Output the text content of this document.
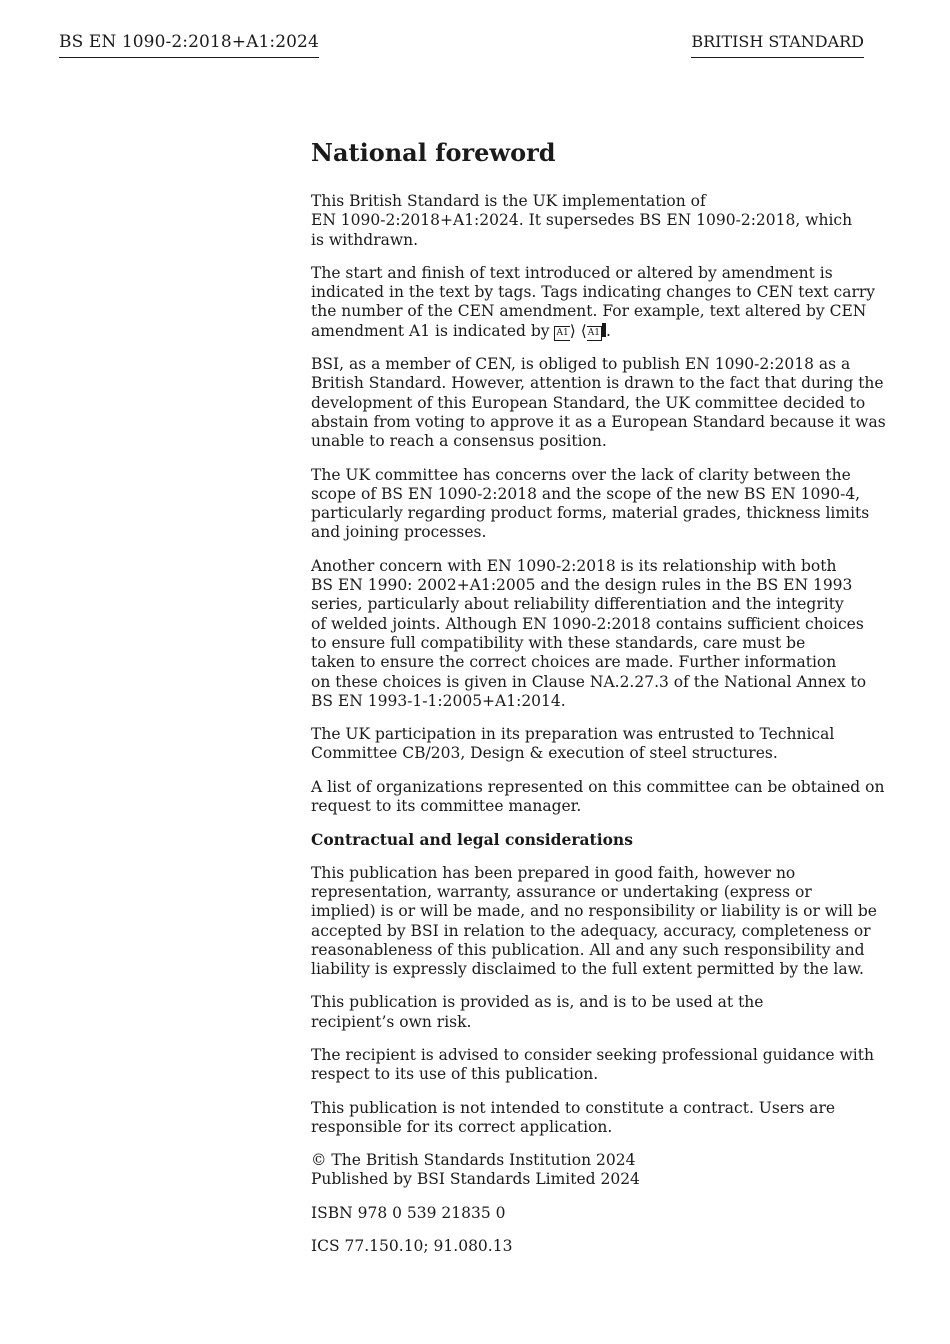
BS EN 1090-2:2018+A1:2024	BRITISH STANDARD
National foreword

This British Standard is the UK implementation of
EN 1090-2:2018+A1:2024. It supersedes BS EN 1090-2:2018, which
is withdrawn.

The start and finish of text introduced or altered by amendment is
indicated in the text by tags. Tags indicating changes to CEN text carry
the number of the CEN amendment. For example, text altered by CEN
amendment A1 is indicated by A1⟩ ⟨A1 .

BSI, as a member of CEN, is obliged to publish EN 1090-2:2018 as a
British Standard. However, attention is drawn to the fact that during the
development of this European Standard, the UK committee decided to
abstain from voting to approve it as a European Standard because it was
unable to reach a consensus position.

The UK committee has concerns over the lack of clarity between the
scope of BS EN 1090-2:2018 and the scope of the new BS EN 1090-4,
particularly regarding product forms, material grades, thickness limits
and joining processes.

Another concern with EN 1090-2:2018 is its relationship with both
BS EN 1990: 2002+A1:2005 and the design rules in the BS EN 1993
series, particularly about reliability differentiation and the integrity
of welded joints. Although EN 1090-2:2018 contains sufficient choices
to ensure full compatibility with these standards, care must be
taken to ensure the correct choices are made. Further information
on these choices is given in Clause NA.2.27.3 of the National Annex to
BS EN 1993-1-1:2005+A1:2014.

The UK participation in its preparation was entrusted to Technical
Committee CB/203, Design & execution of steel structures.

A list of organizations represented on this committee can be obtained on
request to its committee manager.

Contractual and legal considerations

This publication has been prepared in good faith, however no
representation, warranty, assurance or undertaking (express or
implied) is or will be made, and no responsibility or liability is or will be
accepted by BSI in relation to the adequacy, accuracy, completeness or
reasonableness of this publication. All and any such responsibility and
liability is expressly disclaimed to the full extent permitted by the law.

This publication is provided as is, and is to be used at the
recipient’s own risk.

The recipient is advised to consider seeking professional guidance with
respect to its use of this publication.

This publication is not intended to constitute a contract. Users are
responsible for its correct application.

© The British Standards Institution 2024
Published by BSI Standards Limited 2024

ISBN 978 0 539 21835 0

ICS 77.150.10; 91.080.13
